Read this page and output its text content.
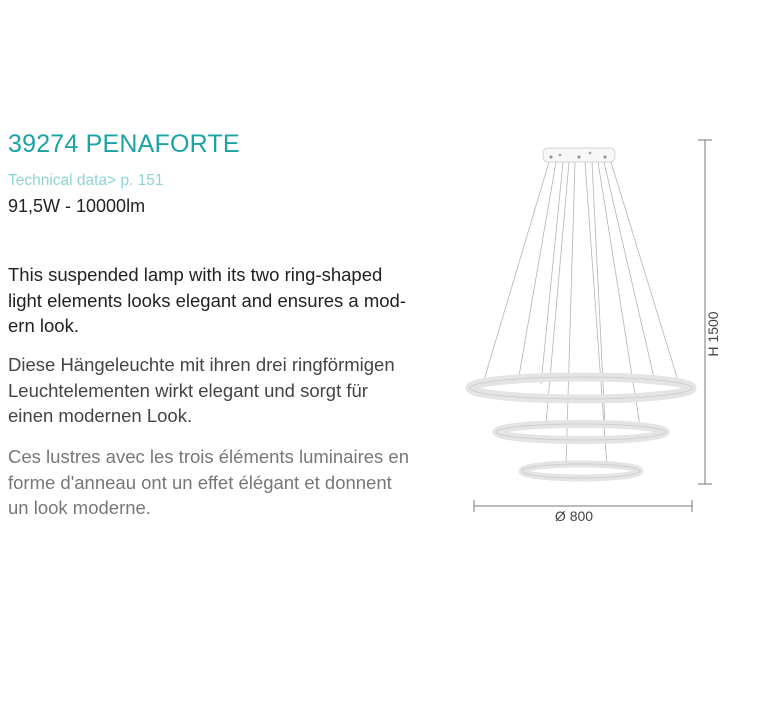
39274 PENAFORTE
Technical data> p. 151
91,5W - 10000lm
This suspended lamp with its two ring-shaped
light elements looks elegant and ensures a mod-
ern look.
Diese Hängeleuchte mit ihren drei ringförmigen
Leuchtelementen wirkt elegant und sorgt für
einen modernen Look.
Ces lustres avec les trois éléments luminaires en
forme d'anneau ont un effet élégant et donnent
un look moderne.
H 1500
Ø 800
